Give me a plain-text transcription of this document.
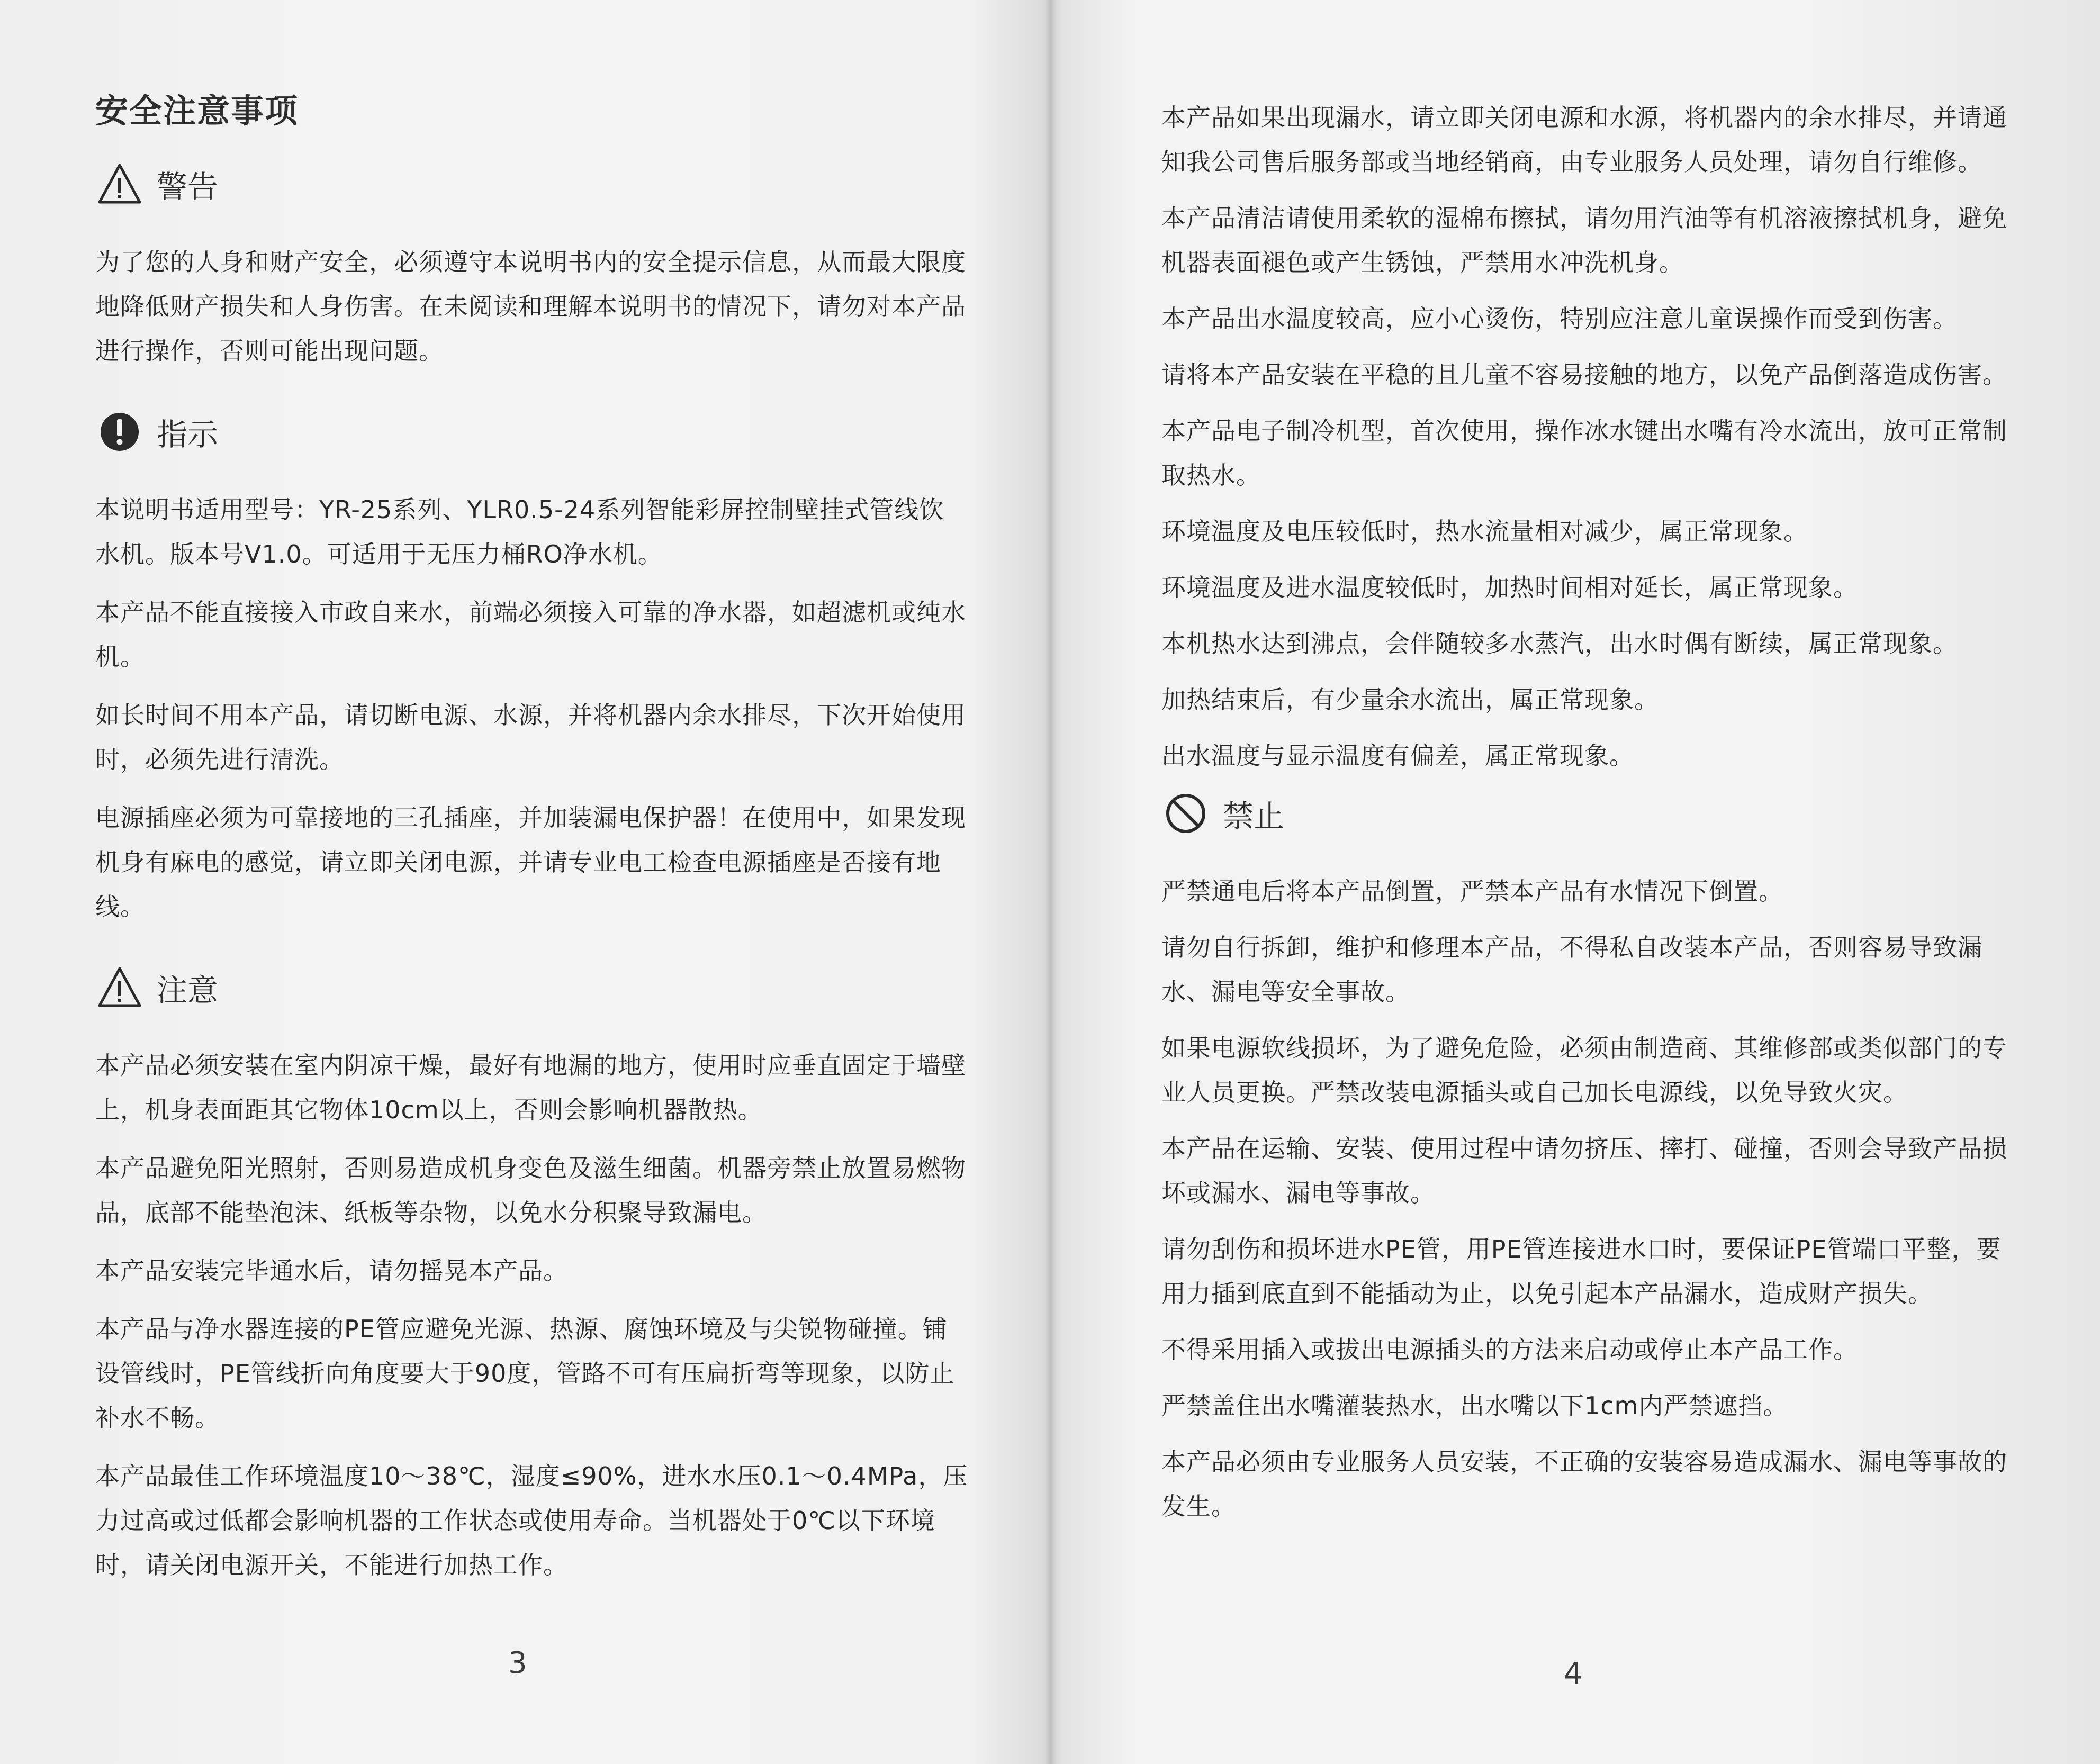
安全注意事项
警告
为了您的人身和财产安全，必须遵守本说明书内的安全提示信息，从而最大限度地降低财产损失和人身伤害。在未阅读和理解本说明书的情况下，请勿对本产品进行操作，否则可能出现问题。
指示
本说明书适用型号：YR-25系列、YLR0.5-24系列智能彩屏控制壁挂式管线饮水机。版本号V1.0。可适用于无压力桶RO净水机。
本产品不能直接接入市政自来水，前端必须接入可靠的净水器，如超滤机或纯水机。
如长时间不用本产品，请切断电源、水源，并将机器内余水排尽，下次开始使用时，必须先进行清洗。
电源插座必须为可靠接地的三孔插座，并加装漏电保护器！在使用中，如果发现机身有麻电的感觉，请立即关闭电源，并请专业电工检查电源插座是否接有地线。
注意
本产品必须安装在室内阴凉干燥，最好有地漏的地方，使用时应垂直固定于墙壁上，机身表面距其它物体10cm以上，否则会影响机器散热。
本产品避免阳光照射，否则易造成机身变色及滋生细菌。机器旁禁止放置易燃物品，底部不能垫泡沫、纸板等杂物，以免水分积聚导致漏电。
本产品安装完毕通水后，请勿摇晃本产品。
本产品与净水器连接的PE管应避免光源、热源、腐蚀环境及与尖锐物碰撞。铺设管线时，PE管线折向角度要大于90度，管路不可有压扁折弯等现象，以防止补水不畅。
本产品最佳工作环境温度10～38℃，湿度≤90%，进水水压0.1～0.4MPa，压力过高或过低都会影响机器的工作状态或使用寿命。当机器处于0℃以下环境时，请关闭电源开关，不能进行加热工作。
3
本产品如果出现漏水，请立即关闭电源和水源，将机器内的余水排尽，并请通知我公司售后服务部或当地经销商，由专业服务人员处理，请勿自行维修。
本产品清洁请使用柔软的湿棉布擦拭，请勿用汽油等有机溶液擦拭机身，避免机器表面褪色或产生锈蚀，严禁用水冲洗机身。
本产品出水温度较高，应小心烫伤，特别应注意儿童误操作而受到伤害。
请将本产品安装在平稳的且儿童不容易接触的地方，以免产品倒落造成伤害。
本产品电子制冷机型，首次使用，操作冰水键出水嘴有冷水流出，放可正常制取热水。
环境温度及电压较低时，热水流量相对减少，属正常现象。
环境温度及进水温度较低时，加热时间相对延长，属正常现象。
本机热水达到沸点，会伴随较多水蒸汽，出水时偶有断续，属正常现象。
加热结束后，有少量余水流出，属正常现象。
出水温度与显示温度有偏差，属正常现象。
禁止
严禁通电后将本产品倒置，严禁本产品有水情况下倒置。
请勿自行拆卸，维护和修理本产品，不得私自改装本产品，否则容易导致漏水、漏电等安全事故。
如果电源软线损坏，为了避免危险，必须由制造商、其维修部或类似部门的专业人员更换。严禁改装电源插头或自己加长电源线，以免导致火灾。
本产品在运输、安装、使用过程中请勿挤压、摔打、碰撞，否则会导致产品损坏或漏水、漏电等事故。
请勿刮伤和损坏进水PE管，用PE管连接进水口时，要保证PE管端口平整，要用力插到底直到不能插动为止，以免引起本产品漏水，造成财产损失。
不得采用插入或拔出电源插头的方法来启动或停止本产品工作。
严禁盖住出水嘴灌装热水，出水嘴以下1cm内严禁遮挡。
本产品必须由专业服务人员安装，不正确的安装容易造成漏水、漏电等事故的发生。
4
